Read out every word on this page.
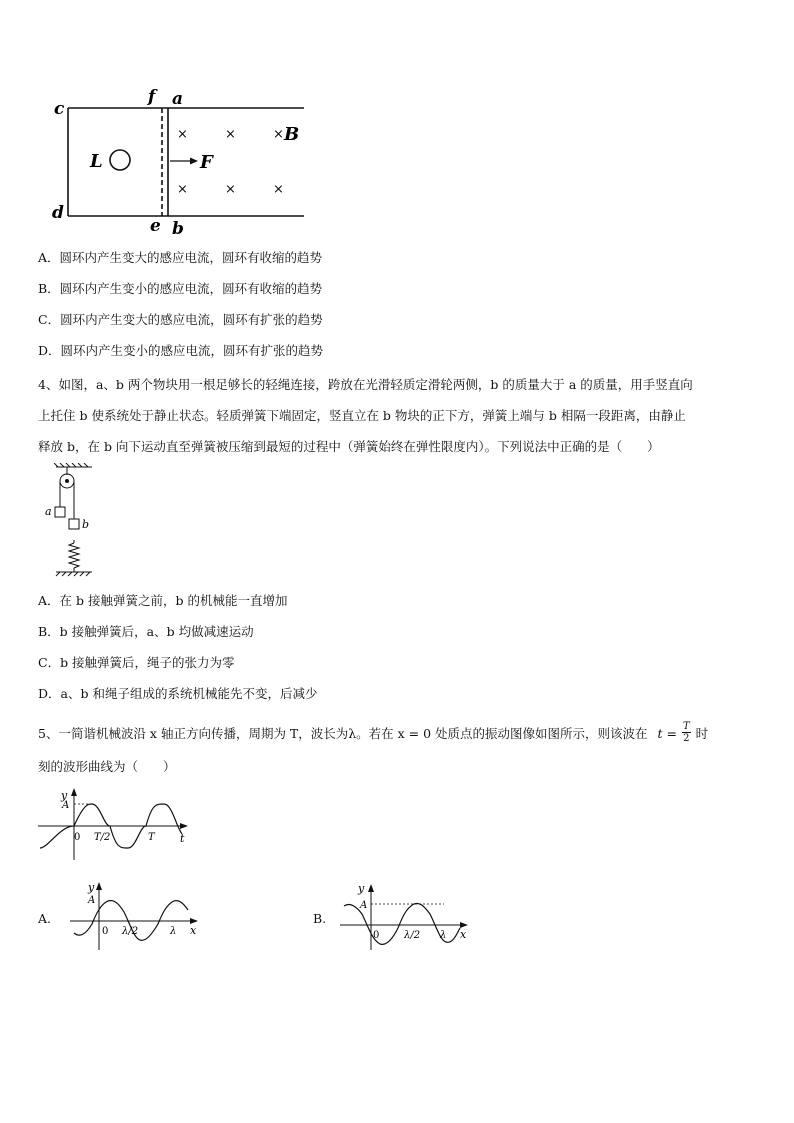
c
f a
d
e b
L	F
B
×	×	×
×	×	×
A．圆环内产生变大的感应电流，圆环有收缩的趋势
B．圆环内产生变小的感应电流，圆环有收缩的趋势
C．圆环内产生变大的感应电流，圆环有扩张的趋势
D．圆环内产生变小的感应电流，圆环有扩张的趋势
4、如图，a、b 两个物块用一根足够长的轻绳连接，跨放在光滑轻质定滑轮两侧，b 的质量大于 a 的质量，用手竖直向
上托住 b 使系统处于静止状态。轻质弹簧下端固定，竖直立在 b 物块的正下方，弹簧上端与 b 相隔一段距离，由静止
释放 b，在 b 向下运动直至弹簧被压缩到最短的过程中（弹簧始终在弹性限度内）。下列说法中正确的是（　　）
a
b
A．在 b 接触弹簧之前，b 的机械能一直增加
B．b 接触弹簧后，a、b 均做减速运动
C．b 接触弹簧后，绳子的张力为零
D．a、b 和绳子组成的系统机械能先不变，后减少
5、一简谐机械波沿 x 轴正方向传播，周期为 T，波长为λ。若在 x = 0 处质点的振动图像如图所示，则该波在 $t = \frac{T}{2}$ 时
刻的波形曲线为（　　）
y
A
0 T/2	T t
A.
y
A
0 λ/2	λ x
B.
y
A
0 λ/2 λ x
